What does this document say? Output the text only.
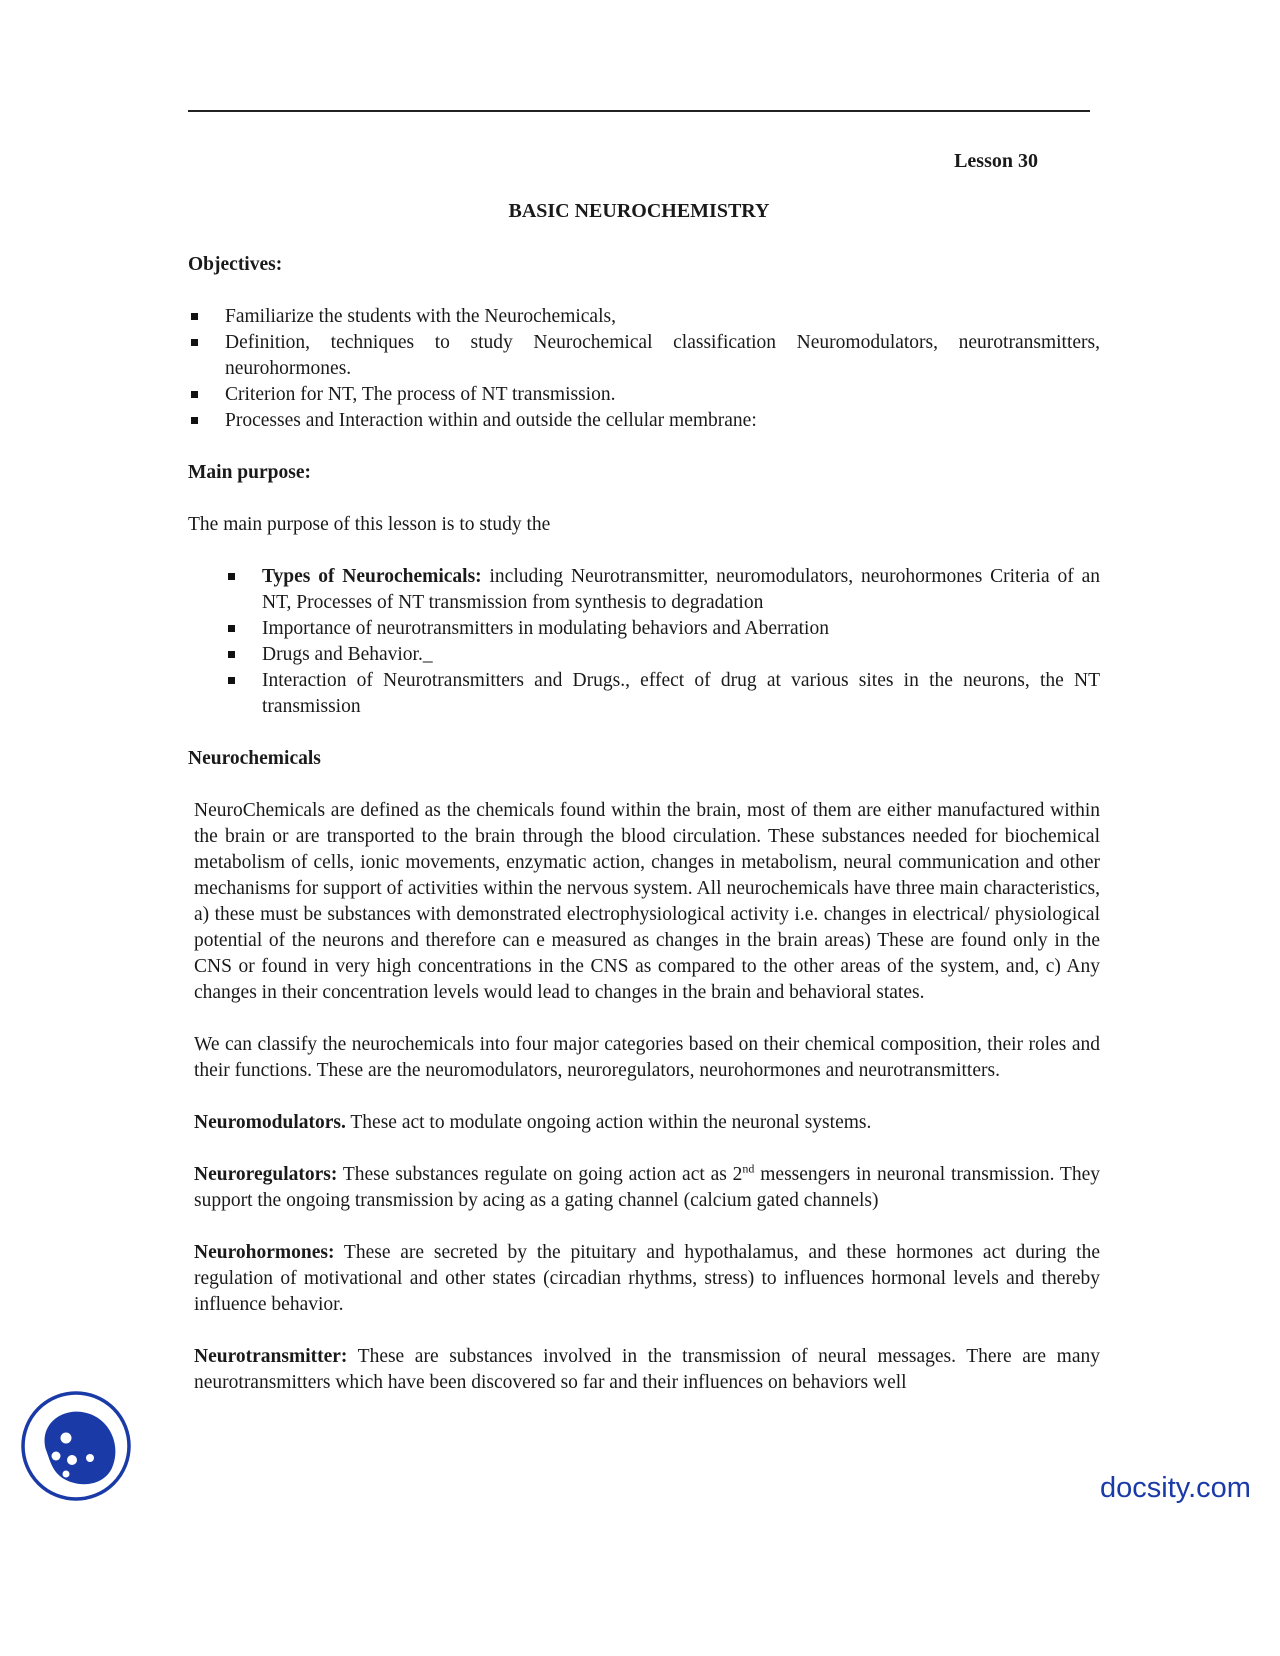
Lesson 30
BASIC NEUROCHEMISTRY
Objectives:
Familiarize the students with the Neurochemicals,
Definition, techniques to study Neurochemical classification Neuromodulators, neurotransmitters, neurohormones.
Criterion for NT, The process of NT transmission.
Processes and Interaction within and outside the cellular membrane:
Main purpose:
The main purpose of this lesson is to study the
Types of Neurochemicals: including Neurotransmitter, neuromodulators, neurohormones Criteria of an NT, Processes of NT transmission from synthesis to degradation
Importance of neurotransmitters in modulating behaviors and Aberration
Drugs and Behavior._
Interaction of Neurotransmitters and Drugs., effect of drug at various sites in the neurons, the NT transmission
Neurochemicals

NeuroChemicals are defined as the chemicals found within the brain, most of them are either manufactured within the brain or are transported to the brain through the blood circulation. These substances needed for biochemical metabolism of cells, ionic movements, enzymatic action, changes in metabolism, neural communication and other mechanisms for support of activities within the nervous system. All neurochemicals have three main characteristics, a) these must be substances with demonstrated electrophysiological activity i.e. changes in electrical/ physiological potential of the neurons and therefore can e measured as changes in the brain areas) These are found only in the CNS or found in very high concentrations in the CNS as compared to the other areas of the system, and, c) Any changes in their concentration levels would lead to changes in the brain and behavioral states.

We can classify the neurochemicals into four major categories based on their chemical composition, their roles and their functions. These are the neuromodulators, neuroregulators, neurohormones and neurotransmitters.

Neuromodulators. These act to modulate ongoing action within the neuronal systems.

Neuroregulators: These substances regulate on going action act as 2nd messengers in neuronal transmission. They support the ongoing transmission by acing as a gating channel (calcium gated channels)

Neurohormones: These are secreted by the pituitary and hypothalamus, and these hormones act during the regulation of motivational and other states (circadian rhythms, stress) to influences hormonal levels and thereby influence behavior.

Neurotransmitter: These are substances involved in the transmission of neural messages. There are many neurotransmitters which have been discovered so far and their influences on behaviors well

docsity.com
